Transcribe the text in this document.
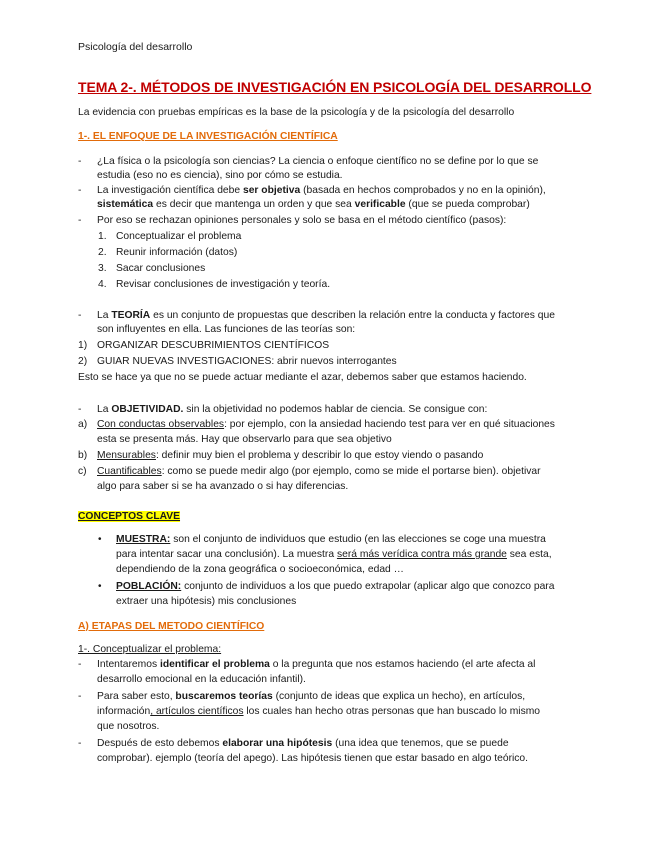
Psicología del desarrollo
TEMA 2-. MÉTODOS DE INVESTIGACIÓN EN PSICOLOGÍA DEL DESARROLLO
La evidencia con pruebas empíricas es la base de la psicología y de la psicología del desarrollo
1-. EL ENFOQUE DE LA INVESTIGACIÓN CIENTÍFICA
- ¿La física o la psicología son ciencias? La ciencia o enfoque científico no se define por lo que se
estudia (eso no es ciencia), sino por cómo se estudia.
- La investigación científica debe ser objetiva (basada en hechos comprobados y no en la opinión),
sistemática es decir que mantenga un orden y que sea verificable (que se pueda comprobar)
- Por eso se rechazan opiniones personales y solo se basa en el método científico (pasos):
1. Conceptualizar el problema
2. Reunir información (datos)
3. Sacar conclusiones
4. Revisar conclusiones de investigación y teoría.
- La TEORÍA es un conjunto de propuestas que describen la relación entre la conducta y factores que
son influyentes en ella. Las funciones de las teorías son:
1) ORGANIZAR DESCUBRIMIENTOS CIENTÍFICOS
2) GUIAR NUEVAS INVESTIGACIONES: abrir nuevos interrogantes
Esto se hace ya que no se puede actuar mediante el azar, debemos saber que estamos haciendo.
- La OBJETIVIDAD. sin la objetividad no podemos hablar de ciencia. Se consigue con:
a) Con conductas observables: por ejemplo, con la ansiedad haciendo test para ver en qué situaciones
esta se presenta más. Hay que observarlo para que sea objetivo
b) Mensurables: definir muy bien el problema y describir lo que estoy viendo o pasando
c) Cuantificables: como se puede medir algo (por ejemplo, como se mide el portarse bien). objetivar
algo para saber si se ha avanzado o si hay diferencias.
CONCEPTOS CLAVE
• MUESTRA: son el conjunto de individuos que estudio (en las elecciones se coge una muestra
para intentar sacar una conclusión). La muestra será más verídica contra más grande sea esta,
dependiendo de la zona geográfica o socioeconómica, edad …
• POBLACIÓN: conjunto de individuos a los que puedo extrapolar (aplicar algo que conozco para
extraer una hipótesis) mis conclusiones
A) ETAPAS DEL METODO CIENTÍFICO
1-. Conceptualizar el problema:
- Intentaremos identificar el problema o la pregunta que nos estamos haciendo (el arte afecta al
desarrollo emocional en la educación infantil).
- Para saber esto, buscaremos teorías (conjunto de ideas que explica un hecho), en artículos,
información, artículos científicos los cuales han hecho otras personas que han buscado lo mismo
que nosotros.
- Después de esto debemos elaborar una hipótesis (una idea que tenemos, que se puede
comprobar). ejemplo (teoría del apego). Las hipótesis tienen que estar basado en algo teórico.
